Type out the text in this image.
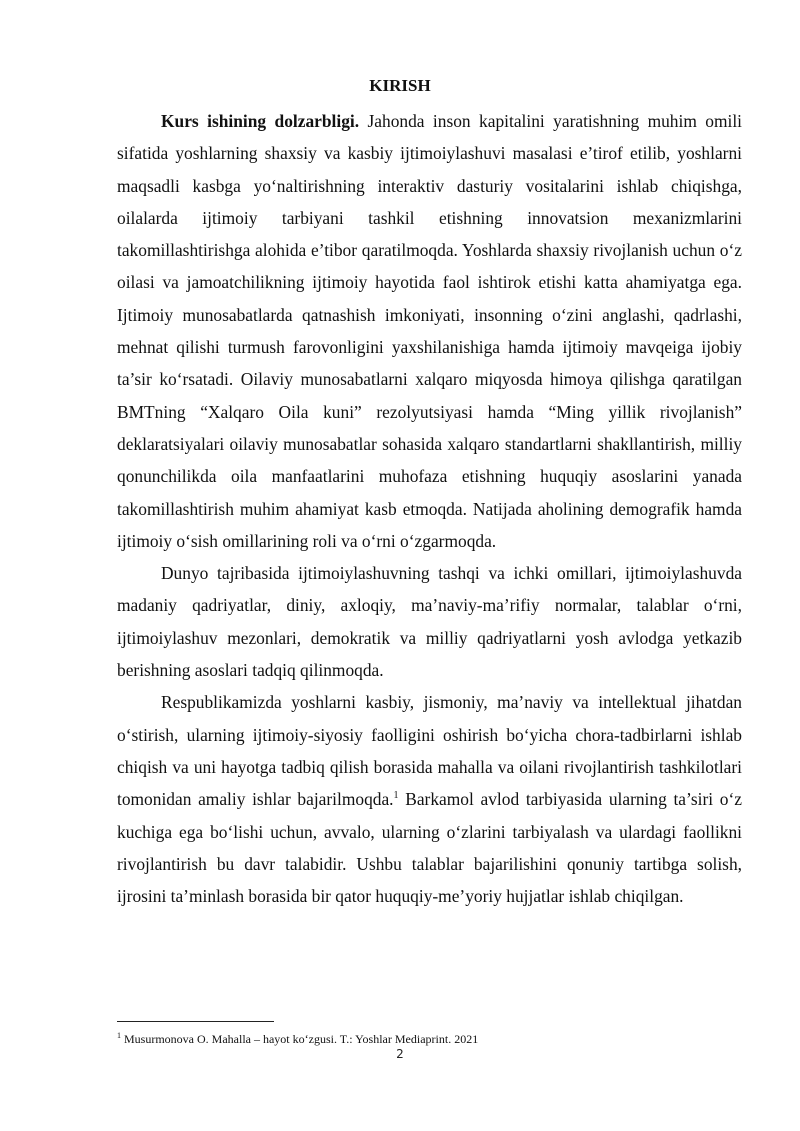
KIRISH

Kurs ishining dolzarbligi. Jahonda inson kapitalini yaratishning muhim omili sifatida yoshlarning shaxsiy va kasbiy ijtimoiylashuvi masalasi e’tirof etilib, yoshlarni maqsadli kasbga yo‘naltirishning interaktiv dasturiy vositalarini ishlab chiqishga, oilalarda ijtimoiy tarbiyani tashkil etishning innovatsion mexanizmlarini takomillashtirishga alohida e’tibor qaratilmoqda. Yoshlarda shaxsiy rivojlanish uchun o‘z oilasi va jamoatchilikning ijtimoiy hayotida faol ishtirok etishi katta ahamiyatga ega. Ijtimoiy munosabatlarda qatnashish imkoniyati, insonning o‘zini anglashi, qadrlashi, mehnat qilishi turmush farovonligini yaxshilanishiga hamda ijtimoiy mavqeiga ijobiy ta’sir ko‘rsatadi. Oilaviy munosabatlarni xalqaro miqyosda himoya qilishga qaratilgan BMTning “Xalqaro Oila kuni” rezolyutsiyasi hamda “Ming yillik rivojlanish” deklaratsiyalari oilaviy munosabatlar sohasida xalqaro standartlarni shakllantirish, milliy qonunchilikda oila manfaatlarini muhofaza etishning huquqiy asoslarini yanada takomillashtirish muhim ahamiyat kasb etmoqda. Natijada aholining demografik hamda ijtimoiy o‘sish omillarining roli va o‘rni o‘zgarmoqda.

Dunyo tajribasida ijtimoiylashuvning tashqi va ichki omillari, ijtimoiylashuvda madaniy qadriyatlar, diniy, axloqiy, ma’naviy-ma’rifiy normalar, talablar o‘rni, ijtimoiylashuv mezonlari, demokratik va milliy qadriyatlarni yosh avlodga yetkazib berishning asoslari tadqiq qilinmoqda.

Respublikamizda yoshlarni kasbiy, jismoniy, ma’naviy va intellektual jihatdan o‘stirish, ularning ijtimoiy-siyosiy faolligini oshirish bo‘yicha chora-tadbirlarni ishlab chiqish va uni hayotga tadbiq qilish borasida mahalla va oilani rivojlantirish tashkilotlari tomonidan amaliy ishlar bajarilmoqda.$^1$ Barkamol avlod tarbiyasida ularning ta’siri o‘z kuchiga ega bo‘lishi uchun, avvalo, ularning o‘zlarini tarbiyalash va ulardagi faollikni rivojlantirish bu davr talabidir. Ushbu talablar bajarilishini qonuniy tartibga solish, ijrosini ta’minlash borasida bir qator huquqiy-me’yoriy hujjatlar ishlab chiqilgan.

$^1$ Musurmonova O. Mahalla – hayot ko‘zgusi. T.: Yoshlar Mediaprint. 2021
2
